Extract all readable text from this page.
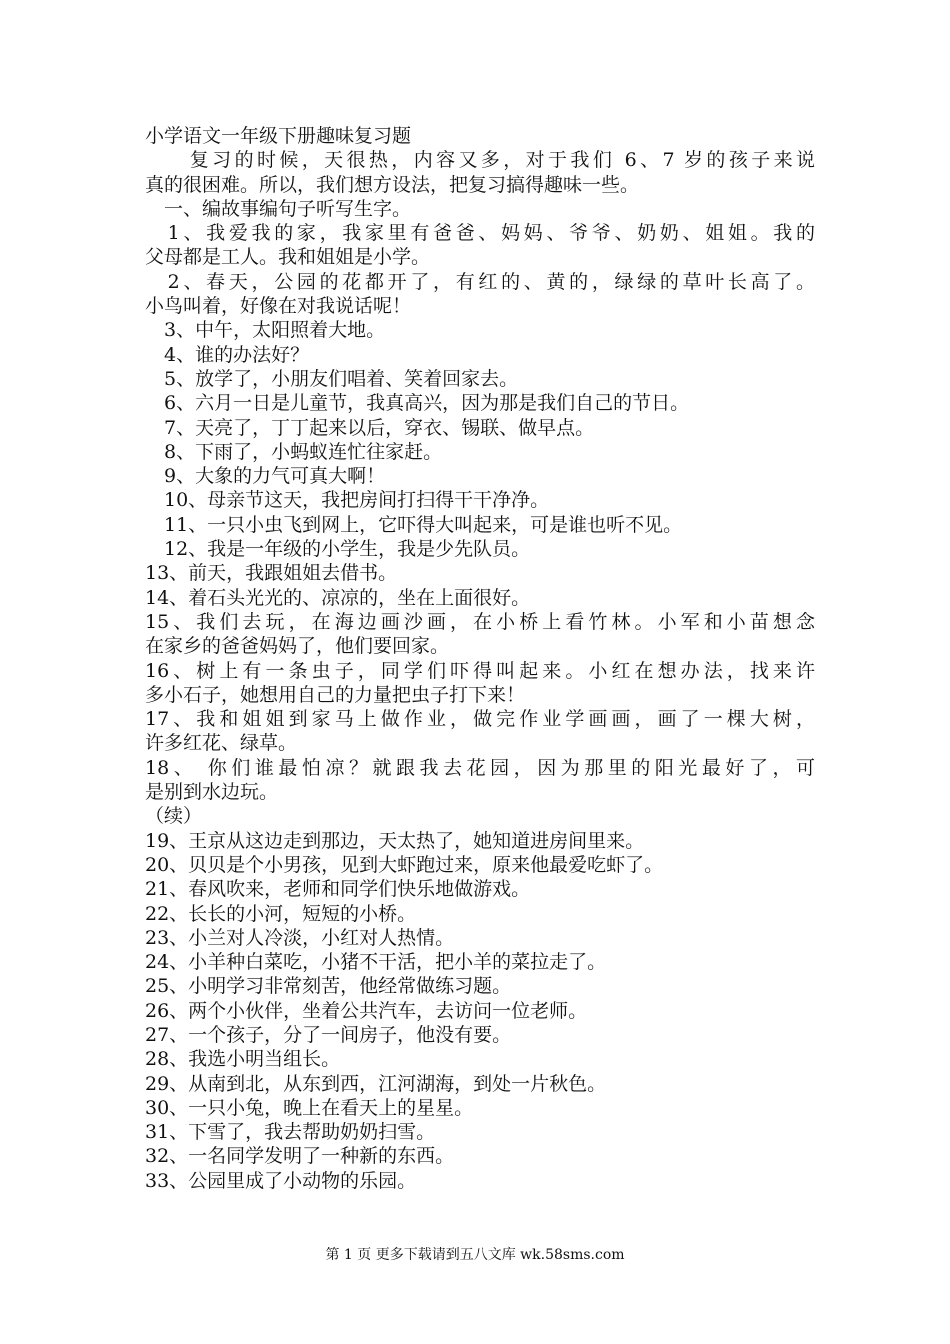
小学语文一年级下册趣味复习题

　　复习的时候，天很热，内容又多，对于我们 6、7 岁的孩子来说

真的很困难。所以，我们想方设法，把复习搞得趣味一些。

　一、编故事编句子听写生字。

　1、我爱我的家，我家里有爸爸、妈妈、爷爷、奶奶、姐姐。我的

父母都是工人。我和姐姐是小学。

　2、春天，公园的花都开了，有红的、黄的，绿绿的草叶长高了。

小鸟叫着，好像在对我说话呢！

　3、中午，太阳照着大地。

　4、谁的办法好？

　5、放学了，小朋友们唱着、笑着回家去。

　6、六月一日是儿童节，我真高兴，因为那是我们自己的节日。

　7、天亮了，丁丁起来以后，穿衣、锡联、做早点。

　8、下雨了，小蚂蚁连忙往家赶。

　9、大象的力气可真大啊！

　10、母亲节这天，我把房间打扫得干干净净。

　11、一只小虫飞到网上，它吓得大叫起来，可是谁也听不见。

　12、我是一年级的小学生，我是少先队员。

13、前天，我跟姐姐去借书。

14、着石头光光的、凉凉的，坐在上面很好。

15、我们去玩，在海边画沙画，在小桥上看竹林。小军和小苗想念

在家乡的爸爸妈妈了，他们要回家。

16、树上有一条虫子，同学们吓得叫起来。小红在想办法，找来许

多小石子，她想用自己的力量把虫子打下来！

17、我和姐姐到家马上做作业，做完作业学画画，画了一棵大树，

许多红花、绿草。

18、 你们谁最怕凉？就跟我去花园，因为那里的阳光最好了，可

是别到水边玩。

（续）

19、王京从这边走到那边，天太热了，她知道进房间里来。

20、贝贝是个小男孩，见到大虾跑过来，原来他最爱吃虾了。

21、春风吹来，老师和同学们快乐地做游戏。

22、长长的小河，短短的小桥。

23、小兰对人冷淡，小红对人热情。

24、小羊种白菜吃，小猪不干活，把小羊的菜拉走了。

25、小明学习非常刻苦，他经常做练习题。

26、两个小伙伴，坐着公共汽车，去访问一位老师。

27、一个孩子，分了一间房子，他没有要。

28、我选小明当组长。

29、从南到北，从东到西，江河湖海，到处一片秋色。

30、一只小兔，晚上在看天上的星星。

31、下雪了，我去帮助奶奶扫雪。

32、一名同学发明了一种新的东西。

33、公园里成了小动物的乐园。

第 1 页 更多下载请到五八文库 wk.58sms.com
